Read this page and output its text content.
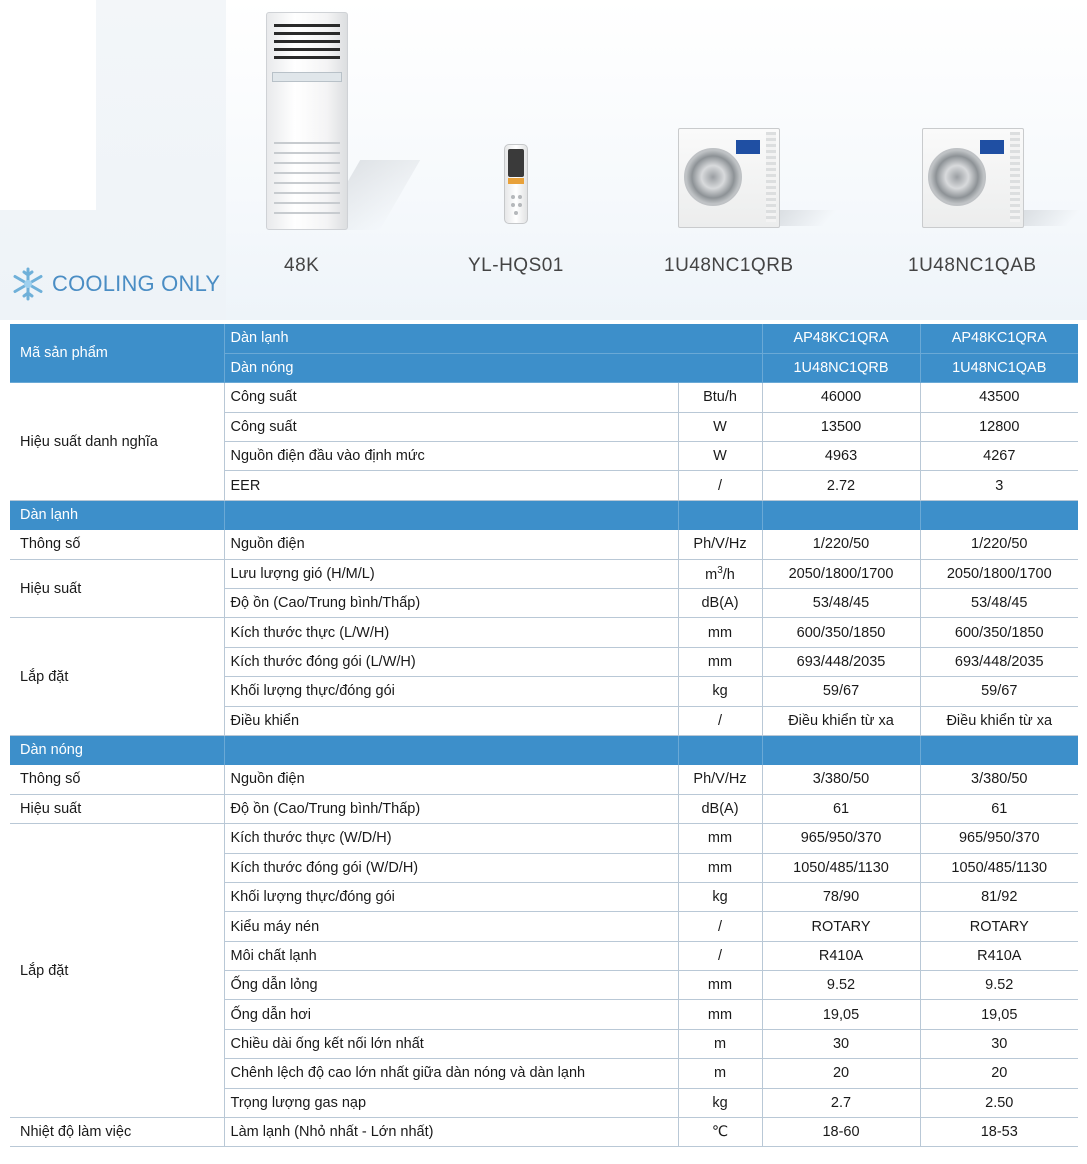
COOLING ONLY
48K	YL-HQS01	1U48NC1QRB	1U48NC1QAB
Mã sản phẩm	Dàn lạnh		AP48KC1QRA	AP48KC1QRA
	Dàn nóng		1U48NC1QRB	1U48NC1QAB
Hiệu suất danh nghĩa	Công suất	Btu/h	46000	43500
	Công suất	W	13500	12800
	Nguồn điện đầu vào định mức	W	4963	4267
	EER	/	2.72	3
Dàn lạnh				
Thông số	Nguồn điện	Ph/V/Hz	1/220/50	1/220/50
Hiệu suất	Lưu lượng gió (H/M/L)	$m^3/h$	2050/1800/1700	2050/1800/1700
	Độ ồn (Cao/Trung bình/Thấp)	dB(A)	53/48/45	53/48/45
Lắp đặt	Kích thước thực (L/W/H)	mm	600/350/1850	600/350/1850
	Kích thước đóng gói (L/W/H)	mm	693/448/2035	693/448/2035
	Khối lượng thực/đóng gói	kg	59/67	59/67
	Điều khiển	/	Điều khiển từ xa	Điều khiển từ xa
Dàn nóng				
Thông số	Nguồn điện	Ph/V/Hz	3/380/50	3/380/50
Hiệu suất	Độ ồn (Cao/Trung bình/Thấp)	dB(A)	61	61
Lắp đặt	Kích thước thực (W/D/H)	mm	965/950/370	965/950/370
	Kích thước đóng gói (W/D/H)	mm	1050/485/1130	1050/485/1130
	Khối lượng thực/đóng gói	kg	78/90	81/92
	Kiểu máy nén	/	ROTARY	ROTARY
	Môi chất lạnh	/	R410A	R410A
	Ống dẫn lỏng	mm	9.52	9.52
	Ống dẫn hơi	mm	19,05	19,05
	Chiều dài ống kết nối lớn nhất	m	30	30
	Chênh lệch độ cao lớn nhất giữa dàn nóng và dàn lạnh	m	20	20
	Trọng lượng gas nạp	kg	2.7	2.50
Nhiệt độ làm việc	Làm lạnh (Nhỏ nhất - Lớn nhất)	℃	18-60	18-53
